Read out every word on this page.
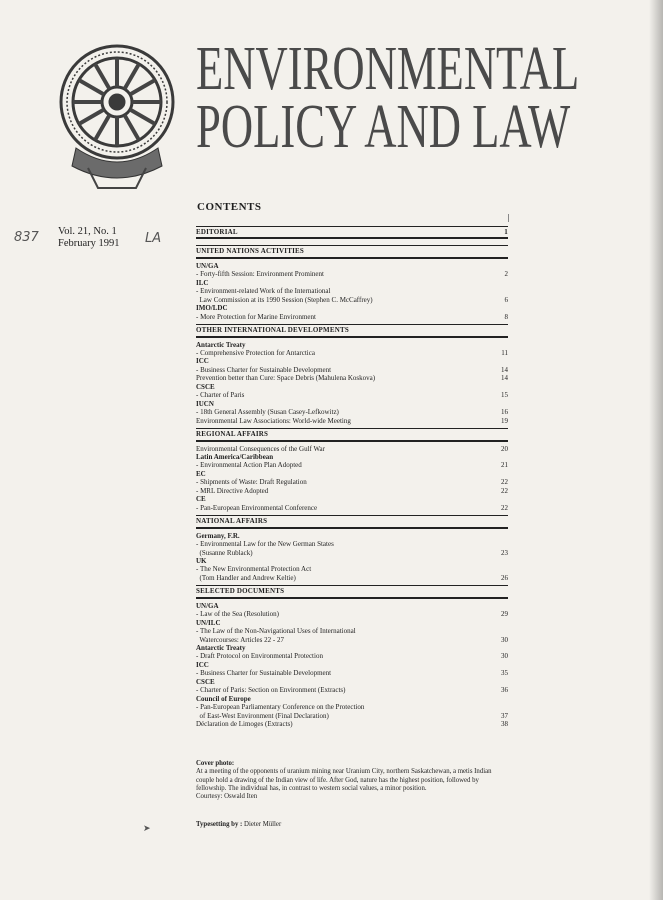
ENVIRONMENTAL
POLICY AND LAW
CONTENTS
Vol. 21, No. 1
February 1991
837	LA	EDITORIAL	1
UNITED NATIONS ACTIVITIES
UN/GA
- Forty-fifth Session: Environment Prominent	2
ILC
- Environment-related Work of the International
Law Commission at its 1990 Session (Stephen C. McCaffrey)	6
IMO/LDC
- More Protection for Marine Environment	8
OTHER INTERNATIONAL DEVELOPMENTS
Antarctic Treaty
- Comprehensive Protection for Antarctica	11
ICC
- Business Charter for Sustainable Development	14
Prevention better than Cure: Space Debris (Mahulena Koskova)	14
CSCE
- Charter of Paris	15
IUCN
- 18th General Assembly (Susan Casey-Lefkowitz)	16
Environmental Law Associations: World-wide Meeting	19
REGIONAL AFFAIRS
Environmental Consequences of the Gulf War	20
Latin America/Caribbean
- Environmental Action Plan Adopted	21
EC
- Shipments of Waste: Draft Regulation	22
- MRL Directive Adopted	22
CE
- Pan-European Environmental Conference	22
NATIONAL AFFAIRS
Germany, F.R.
- Environmental Law for the New German States
(Susanne Rublack)	23
UK
- The New Environmental Protection Act
(Tom Handler and Andrew Keltie)	26
SELECTED DOCUMENTS
UN/GA
- Law of the Sea (Resolution)	29
UN/ILC
- The Law of the Non-Navigational Uses of International
Watercourses: Articles 22 - 27	30
Antarctic Treaty
- Draft Protocol on Environmental Protection	30
ICC
- Business Charter for Sustainable Development	35
CSCE
- Charter of Paris: Section on Environment (Extracts)	36
Council of Europe
- Pan-European Parliamentary Conference on the Protection
of East-West Environment (Final Declaration)	37
Déclaration de Limoges (Extracts)	38
Cover photo:
At a meeting of the opponents of uranium mining near Uranium City, northern Saskatchewan, a metis Indian couple hold a drawing of the Indian view of life. After God, nature has the highest position, followed by fellowship. The individual has, in contrast to western social values, a minor position.
Courtesy: Oswald Iten
➤	Typesetting by : Dieter Müller
